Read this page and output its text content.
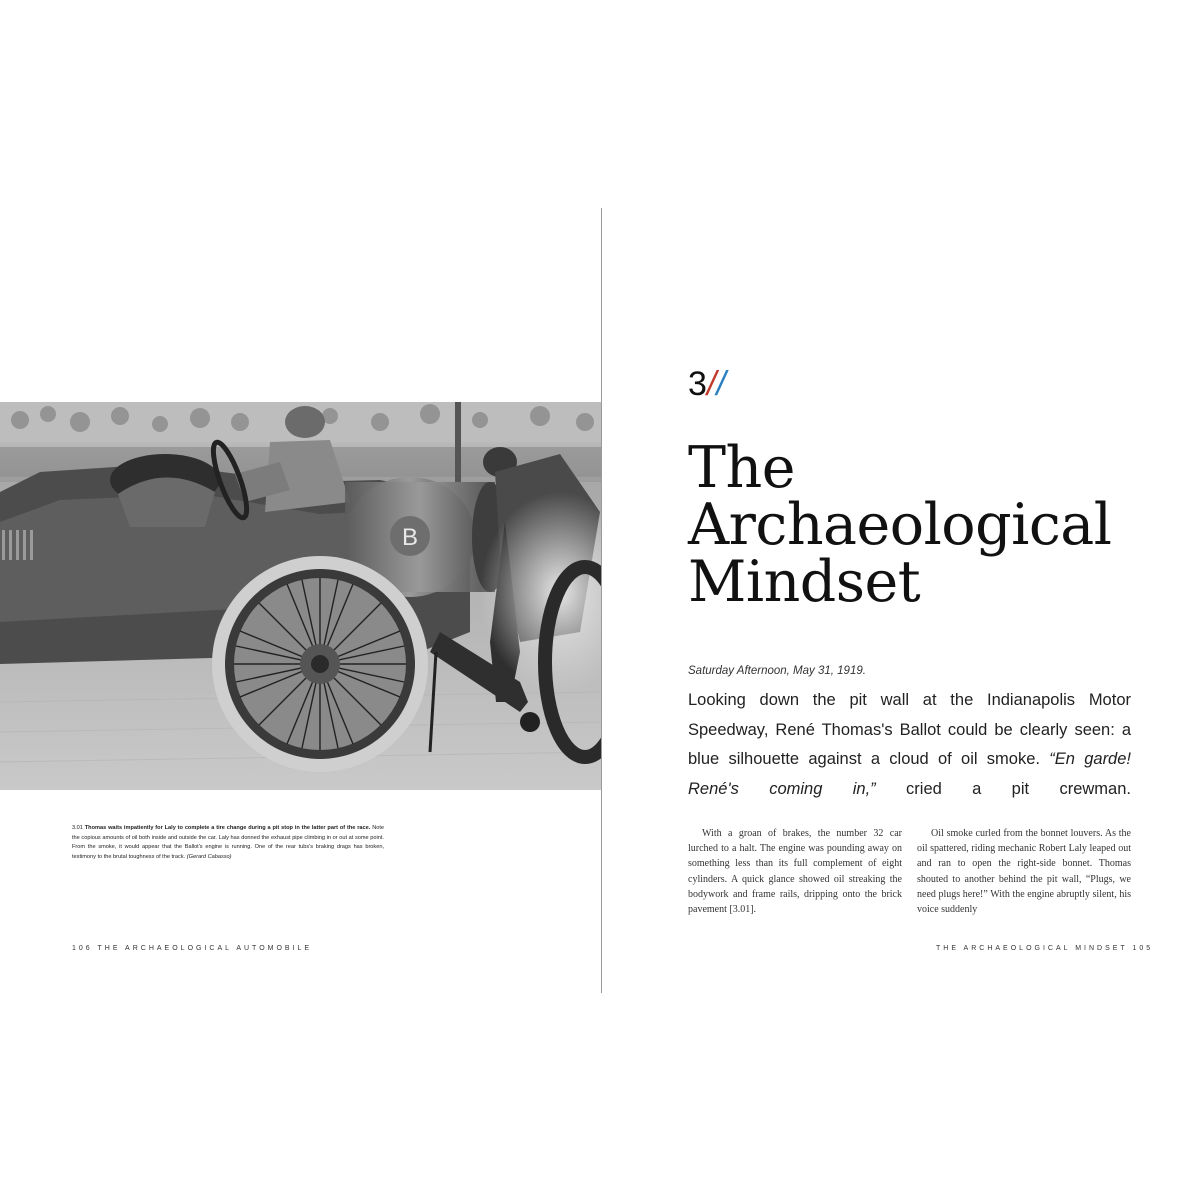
B
3.01 Thomas waits impatiently for Laly to complete a tire change during a pit stop in the latter part of the race. Note the copious amounts of oil both inside and outside the car. Laly has donned the exhaust pipe climbing in or out at some point. From the smoke, it would appear that the Ballot's engine is running. One of the rear tubs's braking drags has broken, testimony to the brutal toughness of the track. (Gerard Cabasso)
106 THE ARCHAEOLOGICAL AUTOMOBILE
3//
The
Archaeological
Mindset
Saturday Afternoon, May 31, 1919.
Looking down the pit wall at the Indianapolis Motor Speedway, René Thomas's Ballot could be clearly seen: a blue silhouette against a cloud of oil smoke. “En garde! René's coming in,” cried a pit crewman.
With a groan of brakes, the number 32 car lurched to a halt. The engine was pounding away on something less than its full complement of eight cylinders. A quick glance showed oil streaking the bodywork and frame rails, dripping onto the brick pavement [3.01].
Oil smoke curled from the bonnet louvers. As the oil spattered, riding mechanic Robert Laly leaped out and ran to open the right-side bonnet. Thomas shouted to another behind the pit wall, “Plugs, we need plugs here!” With the engine abruptly silent, his voice suddenly
THE ARCHAEOLOGICAL MINDSET 105
